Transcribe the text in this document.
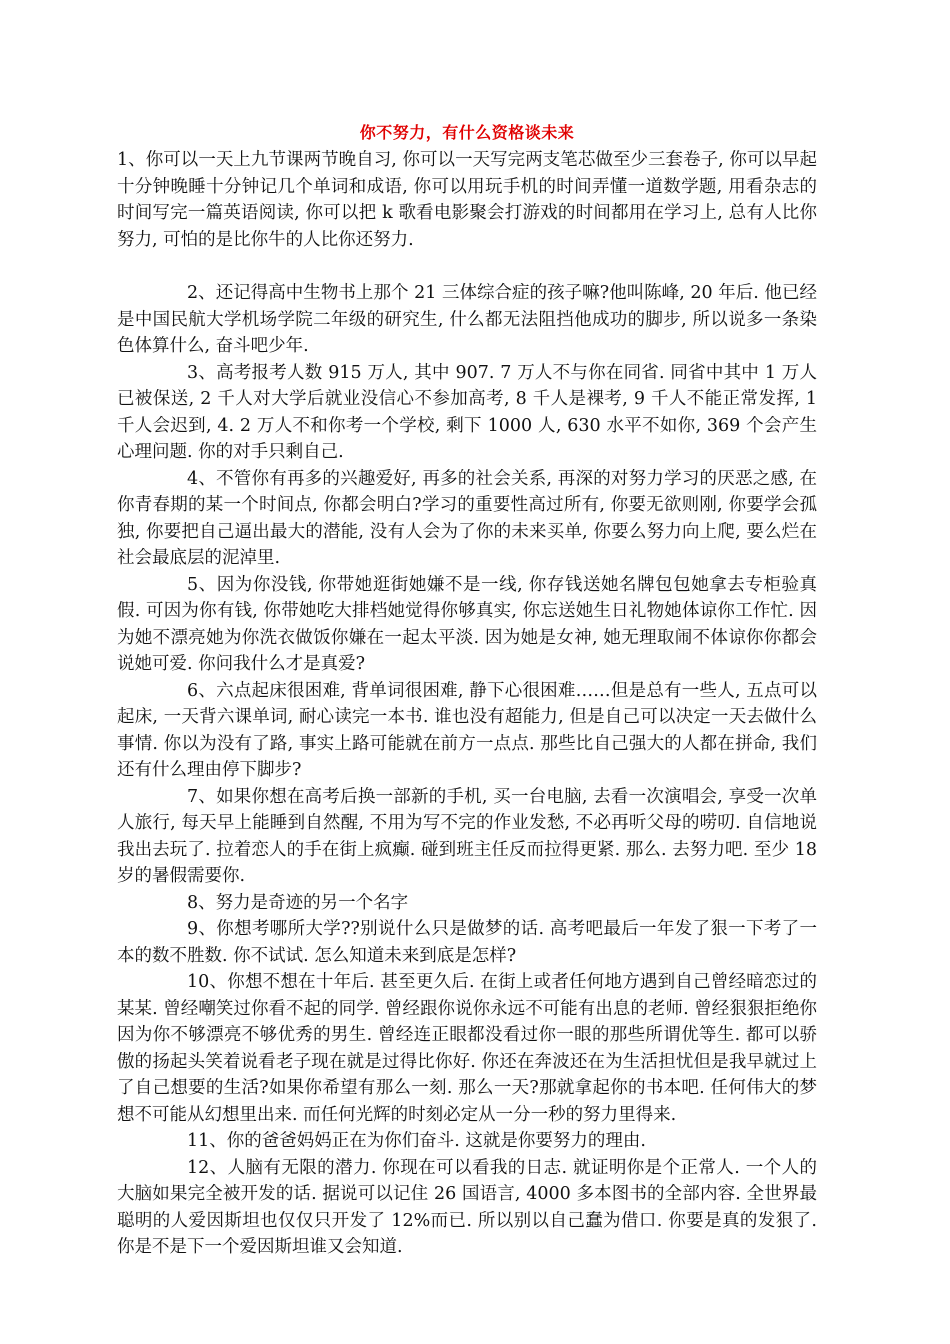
你不努力，有什么资格谈未来

1、你可以一天上九节课两节晚自习, 你可以一天写完两支笔芯做至少三套卷子, 你可以早起十分钟晚睡十分钟记几个单词和成语, 你可以用玩手机的时间弄懂一道数学题, 用看杂志的时间写完一篇英语阅读, 你可以把 k 歌看电影聚会打游戏的时间都用在学习上, 总有人比你努力, 可怕的是比你牛的人比你还努力.

2、还记得高中生物书上那个 21 三体综合症的孩子嘛?他叫陈峰, 20 年后. 他已经是中国民航大学机场学院二年级的研究生, 什么都无法阻挡他成功的脚步, 所以说多一条染色体算什么, 奋斗吧少年.

3、高考报考人数 915 万人, 其中 907. 7 万人不与你在同省. 同省中其中 1 万人已被保送, 2 千人对大学后就业没信心不参加高考, 8 千人是裸考, 9 千人不能正常发挥, 1 千人会迟到, 4. 2 万人不和你考一个学校, 剩下 1000 人, 630 水平不如你, 369 个会产生心理问题. 你的对手只剩自己.

4、不管你有再多的兴趣爱好, 再多的社会关系, 再深的对努力学习的厌恶之感, 在你青春期的某一个时间点, 你都会明白?学习的重要性高过所有, 你要无欲则刚, 你要学会孤独, 你要把自己逼出最大的潜能, 没有人会为了你的未来买单, 你要么努力向上爬, 要么烂在社会最底层的泥淖里.

5、因为你没钱, 你带她逛街她嫌不是一线, 你存钱送她名牌包包她拿去专柜验真假. 可因为你有钱, 你带她吃大排档她觉得你够真实, 你忘送她生日礼物她体谅你工作忙. 因为她不漂亮她为你洗衣做饭你嫌在一起太平淡. 因为她是女神, 她无理取闹不体谅你你都会说她可爱. 你问我什么才是真爱?

6、六点起床很困难, 背单词很困难, 静下心很困难……但是总有一些人, 五点可以起床, 一天背六课单词, 耐心读完一本书. 谁也没有超能力, 但是自己可以决定一天去做什么事情. 你以为没有了路, 事实上路可能就在前方一点点. 那些比自己强大的人都在拼命, 我们还有什么理由停下脚步?

7、如果你想在高考后换一部新的手机, 买一台电脑, 去看一次演唱会, 享受一次单人旅行, 每天早上能睡到自然醒, 不用为写不完的作业发愁, 不必再听父母的唠叨. 自信地说我出去玩了. 拉着恋人的手在街上疯癫. 碰到班主任反而拉得更紧. 那么. 去努力吧. 至少 18 岁的暑假需要你.

8、努力是奇迹的另一个名字

9、你想考哪所大学??别说什么只是做梦的话. 高考吧最后一年发了狠一下考了一本的数不胜数. 你不试试. 怎么知道未来到底是怎样?

10、你想不想在十年后. 甚至更久后. 在街上或者任何地方遇到自己曾经暗恋过的某某. 曾经嘲笑过你看不起的同学. 曾经跟你说你永远不可能有出息的老师. 曾经狠狠拒绝你因为你不够漂亮不够优秀的男生. 曾经连正眼都没看过你一眼的那些所谓优等生. 都可以骄傲的扬起头笑着说看老子现在就是过得比你好. 你还在奔波还在为生活担忧但是我早就过上了自己想要的生活?如果你希望有那么一刻. 那么一天?那就拿起你的书本吧. 任何伟大的梦想不可能从幻想里出来. 而任何光辉的时刻必定从一分一秒的努力里得来.

11、你的爸爸妈妈正在为你们奋斗. 这就是你要努力的理由.

12、人脑有无限的潜力. 你现在可以看我的日志. 就证明你是个正常人. 一个人的大脑如果完全被开发的话. 据说可以记住 26 国语言, 4000 多本图书的全部内容. 全世界最聪明的人爱因斯坦也仅仅只开发了 12%而已. 所以别以自己蠢为借口. 你要是真的发狠了. 你是不是下一个爱因斯坦谁又会知道.
